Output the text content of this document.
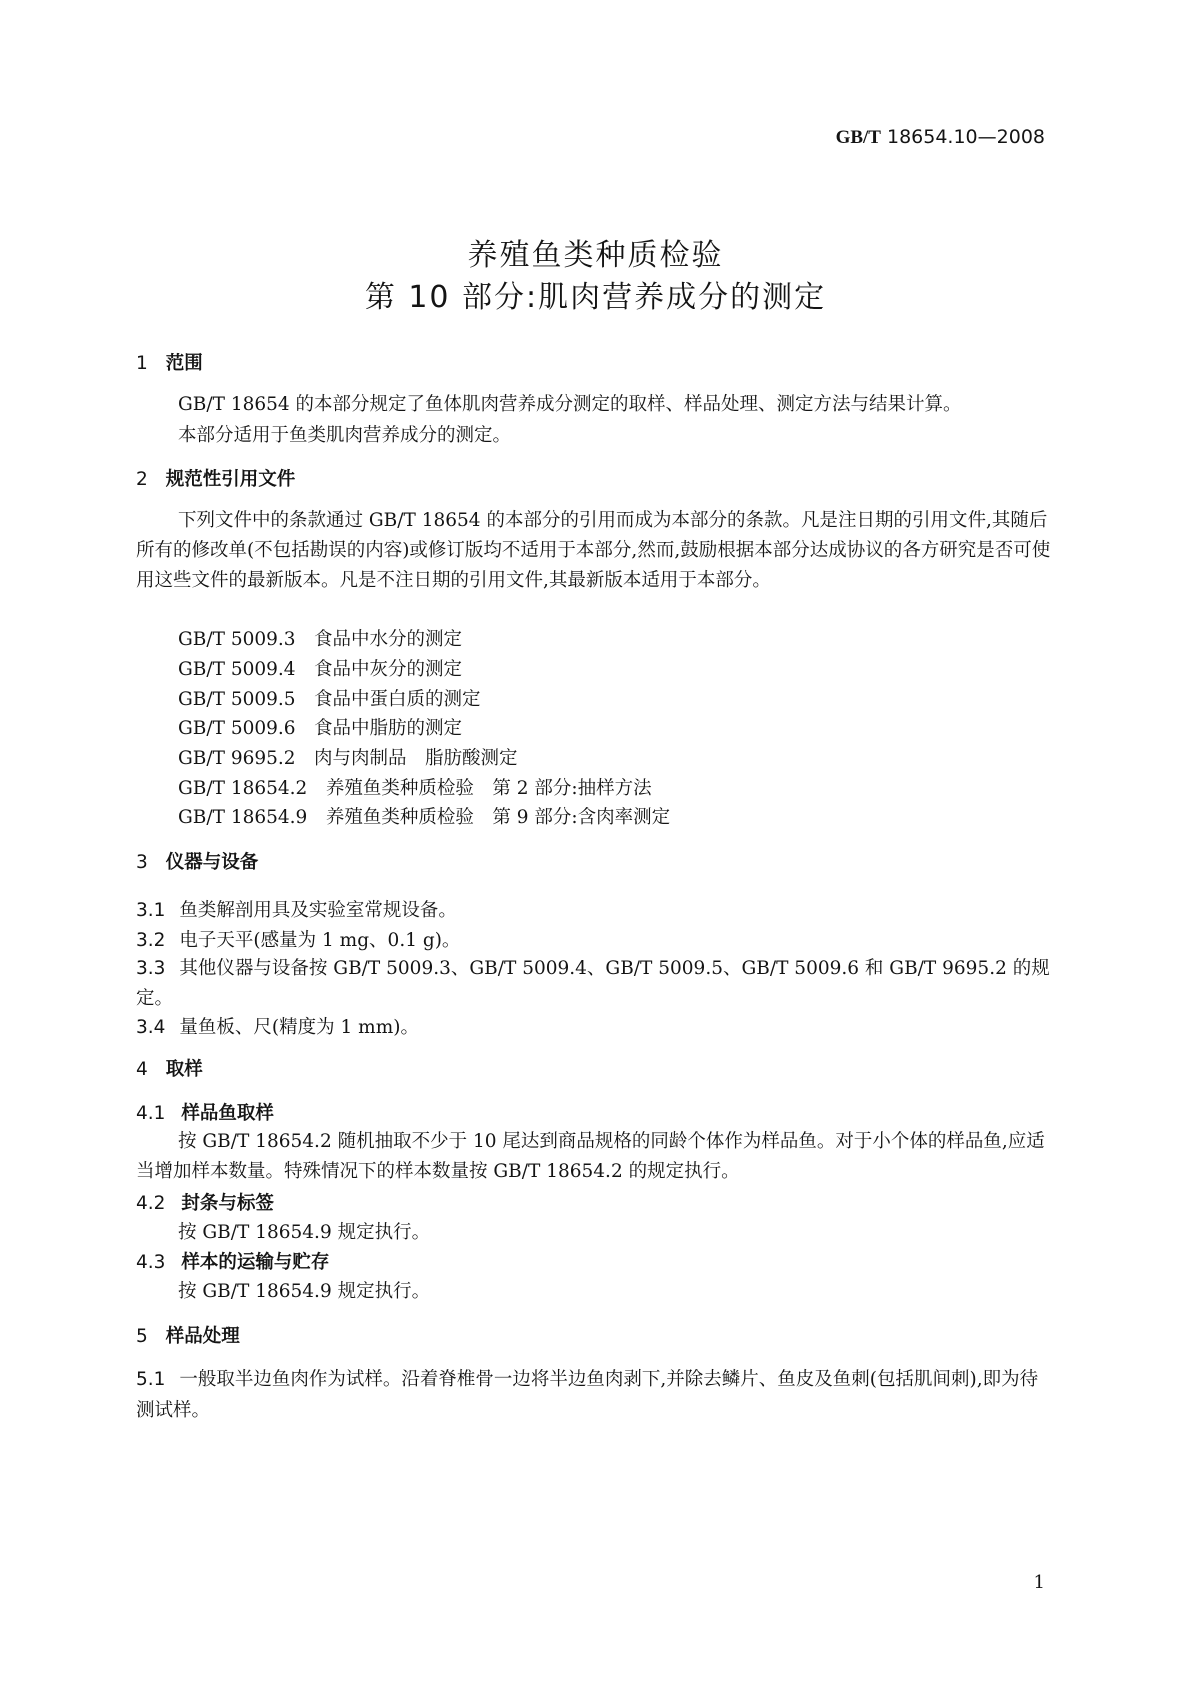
GB/T 18654.10—2008
养殖鱼类种质检验
第 10 部分:肌肉营养成分的测定
1 范围
GB/T 18654 的本部分规定了鱼体肌肉营养成分测定的取样、样品处理、测定方法与结果计算。
本部分适用于鱼类肌肉营养成分的测定。
2 规范性引用文件
下列文件中的条款通过 GB/T 18654 的本部分的引用而成为本部分的条款。凡是注日期的引用文件,其随后所有的修改单(不包括勘误的内容)或修订版均不适用于本部分,然而,鼓励根据本部分达成协议的各方研究是否可使用这些文件的最新版本。凡是不注日期的引用文件,其最新版本适用于本部分。
GB/T 5009.3　食品中水分的测定
GB/T 5009.4　食品中灰分的测定
GB/T 5009.5　食品中蛋白质的测定
GB/T 5009.6　食品中脂肪的测定
GB/T 9695.2　肉与肉制品　脂肪酸测定
GB/T 18654.2　养殖鱼类种质检验　第 2 部分:抽样方法
GB/T 18654.9　养殖鱼类种质检验　第 9 部分:含肉率测定
3 仪器与设备
3.1 鱼类解剖用具及实验室常规设备。
3.2 电子天平(感量为 1 mg、0.1 g)。
3.3 其他仪器与设备按 GB/T 5009.3、GB/T 5009.4、GB/T 5009.5、GB/T 5009.6 和 GB/T 9695.2 的规定。
3.4 量鱼板、尺(精度为 1 mm)。
4 取样
4.1 样品鱼取样
按 GB/T 18654.2 随机抽取不少于 10 尾达到商品规格的同龄个体作为样品鱼。对于小个体的样品鱼,应适当增加样本数量。特殊情况下的样本数量按 GB/T 18654.2 的规定执行。
4.2 封条与标签
按 GB/T 18654.9 规定执行。
4.3 样本的运输与贮存
按 GB/T 18654.9 规定执行。
5 样品处理
5.1 一般取半边鱼肉作为试样。沿着脊椎骨一边将半边鱼肉剥下,并除去鳞片、鱼皮及鱼刺(包括肌间刺),即为待测试样。
1
